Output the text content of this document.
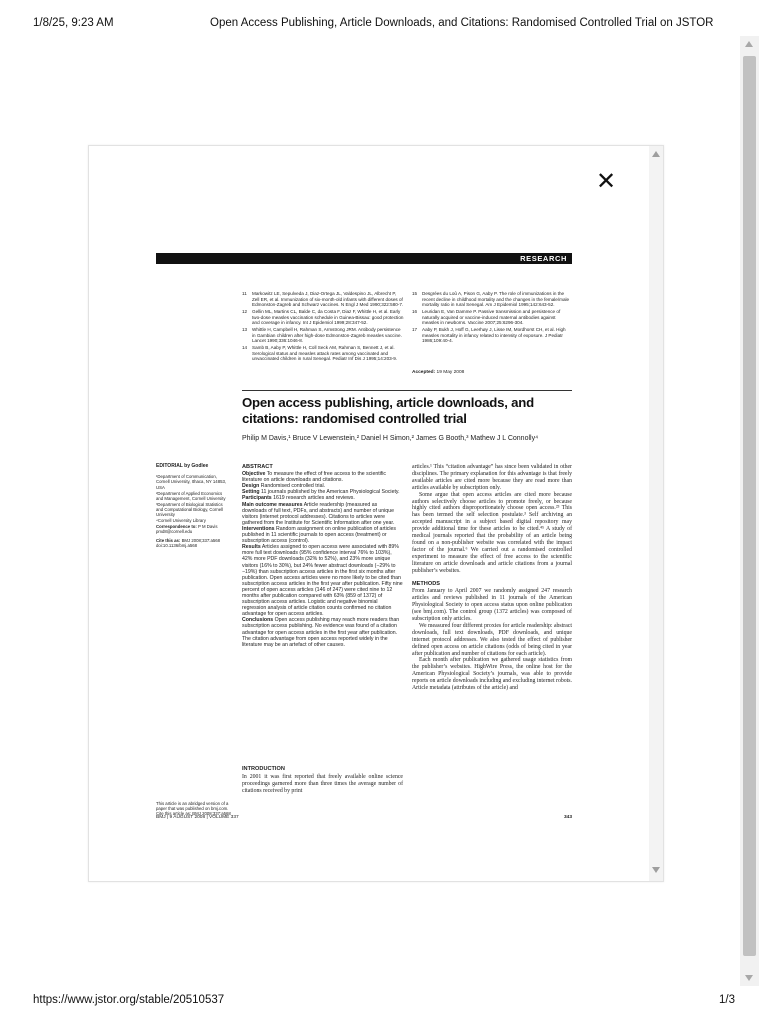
1/8/25, 9:23 AM	Open Access Publishing, Article Downloads, and Citations: Randomised Controlled Trial on JSTOR
✕
RESEARCH
11	Markowitz LE, Sepulveda J, Diaz-Ortega JL, Valdespino JL, Albrecht P, Zell ER, et al. Immunization of six-month-old infants with different doses of Edmonston-Zagreb and Schwarz vaccines. N Engl J Med 1990;322:580-7.
12	Gellin ML, Martins CL, Balde C, da Costa F, Diaz F, Whittle H, et al. Early two-dose measles vaccination schedule in Guinea-Bissau: good protection and coverage in infancy. Int J Epidemiol 1999;28:347-52.
13	Whittle H, Campbell H, Rahman S, Armstrong JRM. Antibody persistence in Gambian children after high-dose Edmonston-Zagreb measles vaccine. Lancet 1990;336:1046-8.
14	Samb B, Aaby P, Whittle H, Coll Seck AM, Rahman S, Bennett J, et al. Serological status and measles attack rates among vaccinated and unvaccinated children in rural Senegal. Pediatr Inf Dis J 1995;14:203-9.
15	Desgrées du Loû A, Pison G, Aaby P. The role of immunizations in the recent decline in childhood mortality and the changes in the female/male mortality ratio in rural Senegal. Am J Epidemiol 1995;142:643-52.
16	Leuridan E, Van Damme P. Passive transmission and persistence of naturally acquired or vaccine-induced maternal antibodies against measles in newborns. Vaccine 2007;25:6296-304.
17	Aaby P, Bukh J, Hoff G, Leerhøy J, Lisse IM, Mordhorst CH, et al. High measles mortality in infancy related to intensity of exposure. J Pediatr 1986;109:40-4.
Accepted: 19 May 2008
Open access publishing, article downloads, and citations: randomised controlled trial
Philip M Davis,¹ Bruce V Lewenstein,² Daniel H Simon,² James G Booth,³ Mathew J L Connolly⁴
EDITORIAL by Godlee
¹Department of Communication, Cornell University, Ithaca, NY 14853, USA
²Department of Applied Economics and Management, Cornell University
³Department of Biological Statistics and Computational Biology, Cornell University
⁴Cornell University Library
Correspondence to: P M Davis pmd8@cornell.edu
Cite this as: BMJ 2008;337:a568 doi:10.1136/bmj.a568
This article is an abridged version of a paper that was published on bmj.com. Cite this article as: BMJ 2008;337:a568
ABSTRACT

Objective To measure the effect of free access to the scientific literature on article downloads and citations.

Design Randomised controlled trial.

Setting 11 journals published by the American Physiological Society.

Participants 1619 research articles and reviews.

Main outcome measures Article readership (measured as downloads of full text, PDFs, and abstracts) and number of unique visitors (internet protocol addresses). Citations to articles were gathered from the Institute for Scientific Information after one year.

Interventions Random assignment on online publication of articles published in 11 scientific journals to open access (treatment) or subscription access (control).

Results Articles assigned to open access were associated with 89% more full text downloads (95% confidence interval 76% to 103%), 42% more PDF downloads (32% to 52%), and 23% more unique visitors (16% to 30%), but 24% fewer abstract downloads (−29% to −19%) than subscription access articles in the first six months after publication. Open access articles were no more likely to be cited than subscription access articles in the first year after publication. Fifty nine percent of open access articles (146 of 247) were cited nine to 12 months after publication compared with 63% (859 of 1372) of subscription access articles. Logistic and negative binomial regression analysis of article citation counts confirmed no citation advantage for open access articles.

Conclusions Open access publishing may reach more readers than subscription access publishing. No evidence was found of a citation advantage for open access articles in the first year after publication. The citation advantage from open access reported widely in the literature may be an artefact of other causes.

INTRODUCTION

In 2001 it was first reported that freely available online science proceedings garnered more than three times the average number of citations received by print

articles.¹ This “citation advantage” has since been validated in other disciplines. The primary explanation for this advantage is that freely available articles are cited more because they are read more than articles available by subscription only.

Some argue that open access articles are cited more because authors selectively choose articles to promote freely, or because highly cited authors disproportionately choose open access.²³ This has been termed the self selection postulate.³ Self archiving an accepted manuscript in a subject based digital repository may provide additional time for these articles to be cited.⁴⁵ A study of medical journals reported that the probability of an article being found on a non-publisher website was correlated with the impact factor of the journal.⁶ We carried out a randomised controlled experiment to measure the effect of free access to the scientific literature on article downloads and article citations from a journal publisher’s websites.

METHODS

From January to April 2007 we randomly assigned 247 research articles and reviews published in 11 journals of the American Physiological Society to open access status upon online publication (see bmj.com). The control group (1372 articles) was composed of subscription only articles.

We measured four different proxies for article readership: abstract downloads, full text downloads, PDF downloads, and unique internet protocol addresses. We also tested the effect of publisher defined open access on article citations (odds of being cited in year after publication and number of citations for each article).

Each month after publication we gathered usage statistics from the publisher’s websites. HighWire Press, the online host for the American Physiological Society’s journals, was able to provide reports on article downloads including and excluding internet robots. Article metadata (attributes of the article) and

BMJ | 9 AUGUST 2008 | VOLUME 337	343
https://www.jstor.org/stable/20510537	1/3
